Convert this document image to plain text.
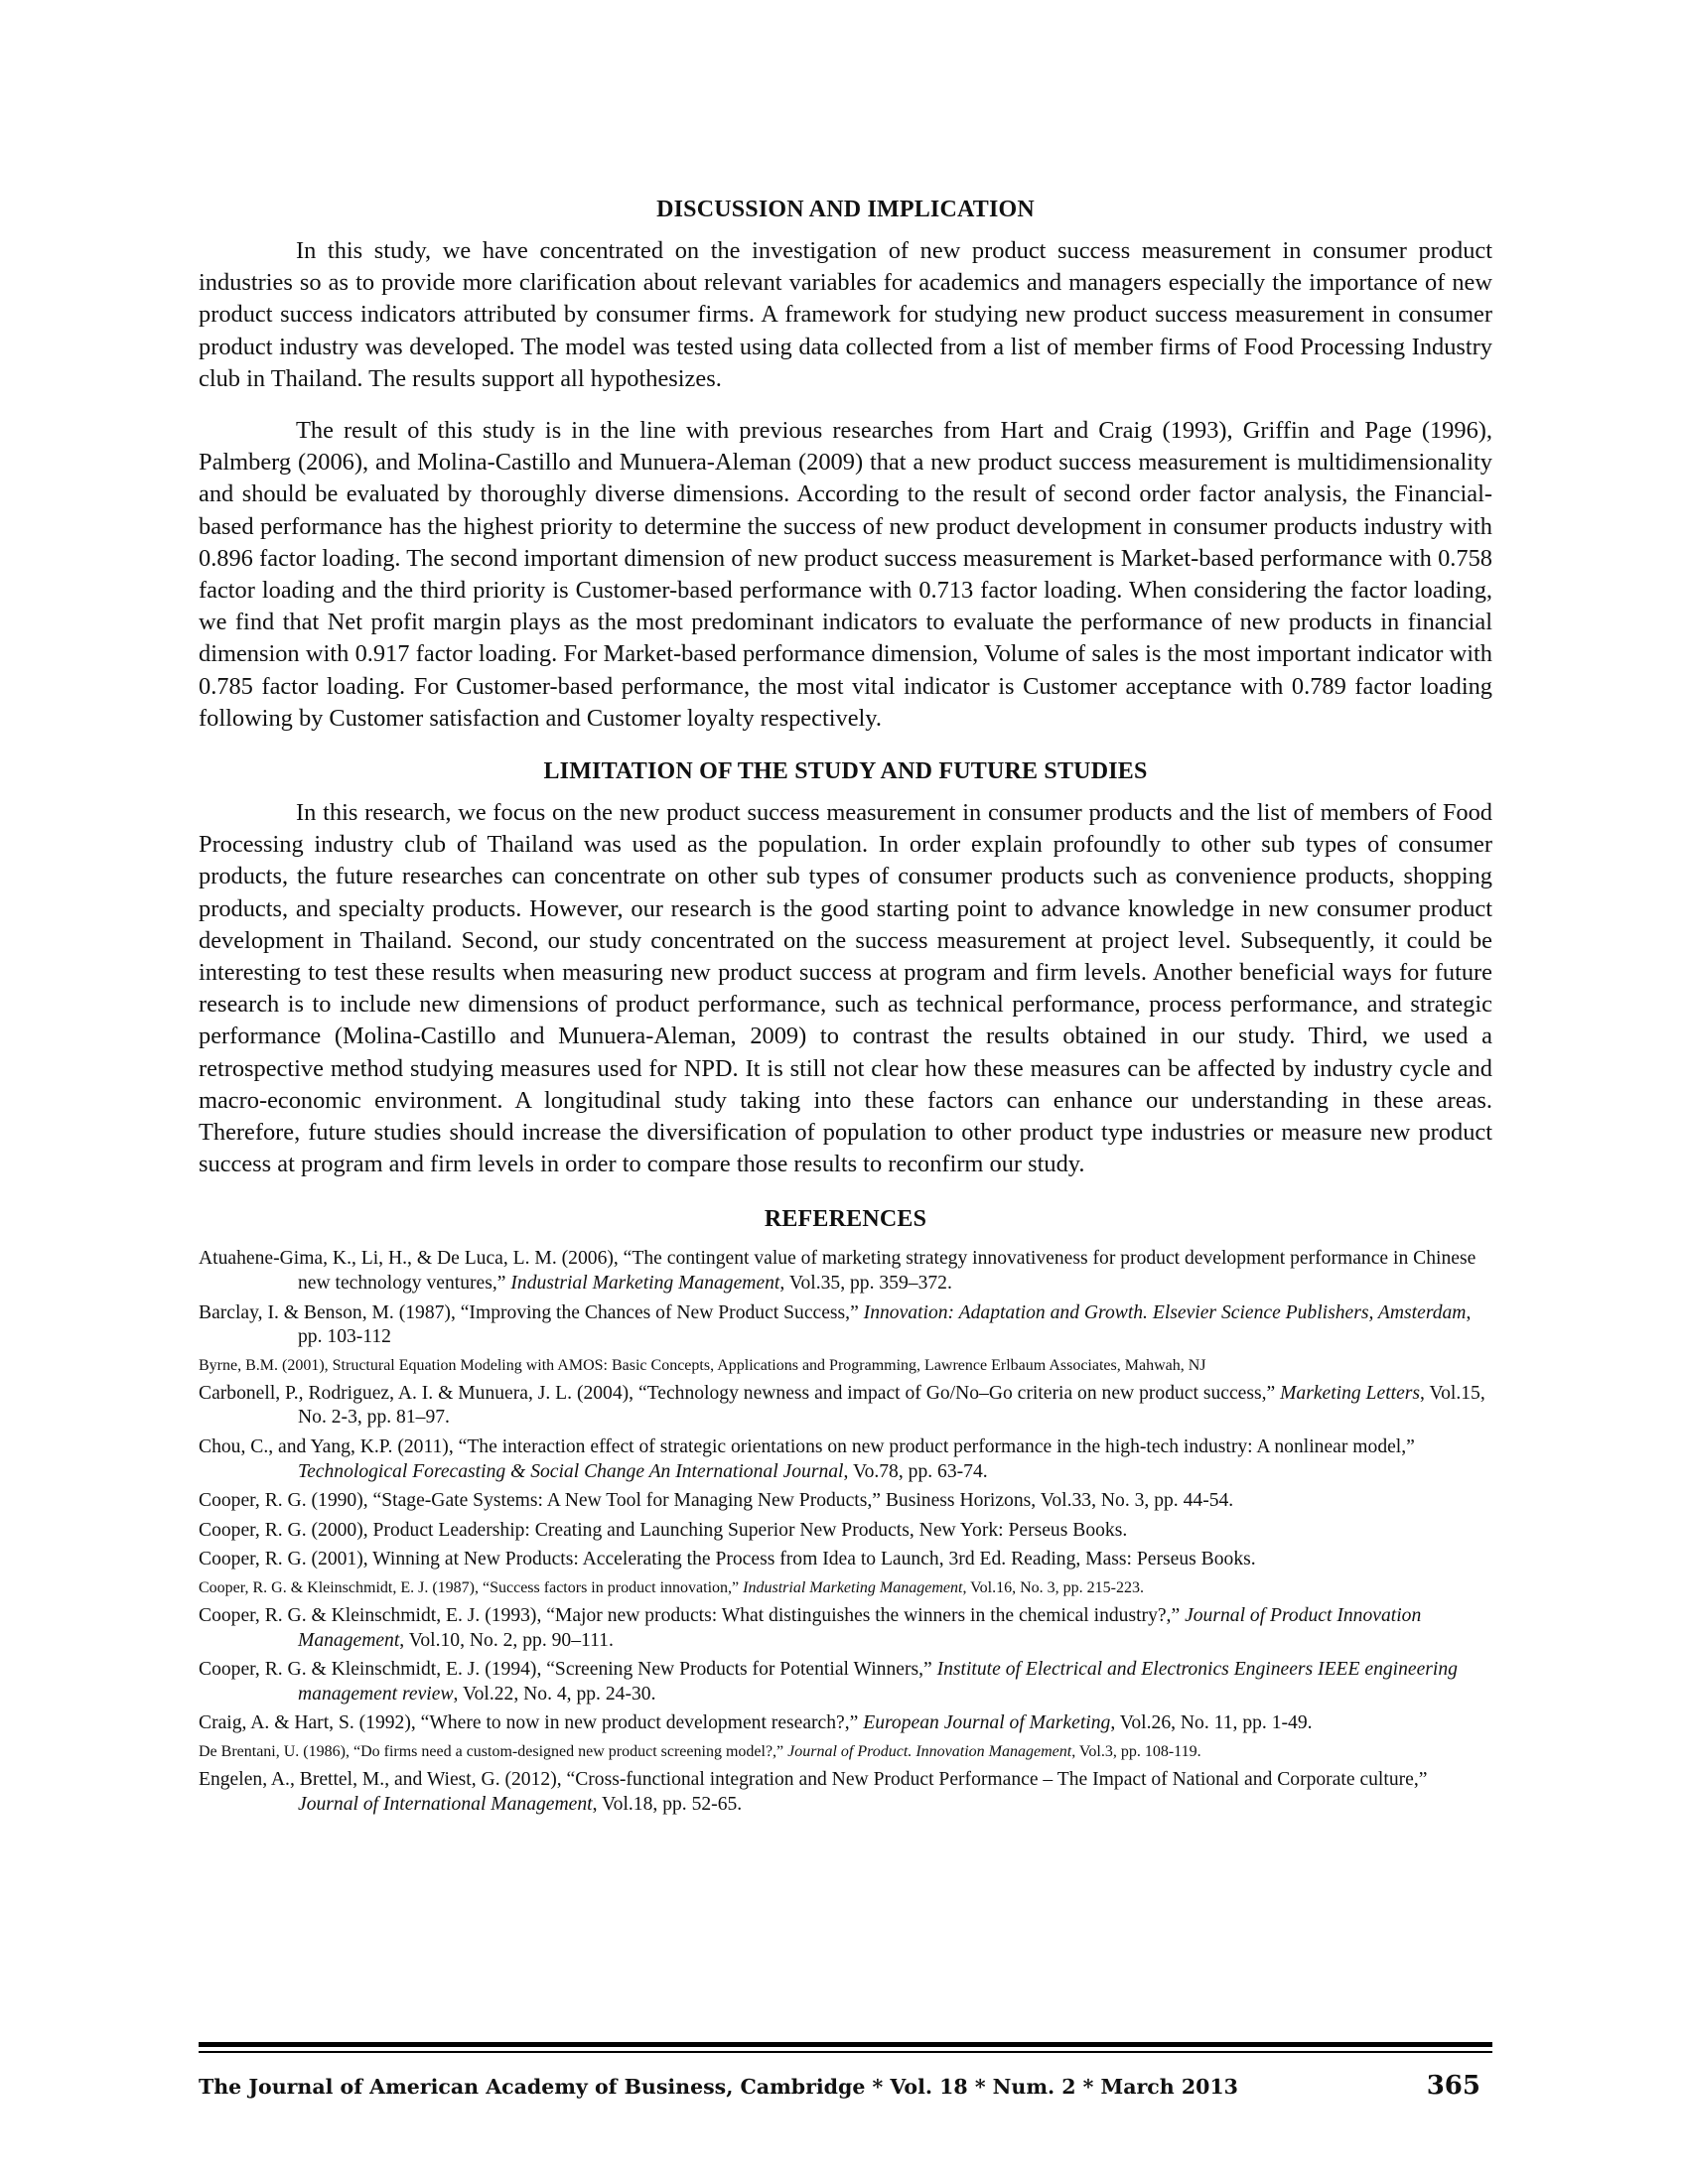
DISCUSSION AND IMPLICATION

In this study, we have concentrated on the investigation of new product success measurement in consumer product industries so as to provide more clarification about relevant variables for academics and managers especially the importance of new product success indicators attributed by consumer firms. A framework for studying new product success measurement in consumer product industry was developed. The model was tested using data collected from a list of member firms of Food Processing Industry club in Thailand. The results support all hypothesizes.

The result of this study is in the line with previous researches from Hart and Craig (1993), Griffin and Page (1996), Palmberg (2006), and Molina-Castillo and Munuera-Aleman (2009) that a new product success measurement is multidimensionality and should be evaluated by thoroughly diverse dimensions. According to the result of second order factor analysis, the Financial-based performance has the highest priority to determine the success of new product development in consumer products industry with 0.896 factor loading. The second important dimension of new product success measurement is Market-based performance with 0.758 factor loading and the third priority is Customer-based performance with 0.713 factor loading. When considering the factor loading, we find that Net profit margin plays as the most predominant indicators to evaluate the performance of new products in financial dimension with 0.917 factor loading. For Market-based performance dimension, Volume of sales is the most important indicator with 0.785 factor loading. For Customer-based performance, the most vital indicator is Customer acceptance with 0.789 factor loading following by Customer satisfaction and Customer loyalty respectively.

LIMITATION OF THE STUDY AND FUTURE STUDIES

In this research, we focus on the new product success measurement in consumer products and the list of members of Food Processing industry club of Thailand was used as the population. In order explain profoundly to other sub types of consumer products, the future researches can concentrate on other sub types of consumer products such as convenience products, shopping products, and specialty products. However, our research is the good starting point to advance knowledge in new consumer product development in Thailand. Second, our study concentrated on the success measurement at project level. Subsequently, it could be interesting to test these results when measuring new product success at program and firm levels. Another beneficial ways for future research is to include new dimensions of product performance, such as technical performance, process performance, and strategic performance (Molina-Castillo and Munuera-Aleman, 2009) to contrast the results obtained in our study. Third, we used a retrospective method studying measures used for NPD. It is still not clear how these measures can be affected by industry cycle and macro-economic environment. A longitudinal study taking into these factors can enhance our understanding in these areas. Therefore, future studies should increase the diversification of population to other product type industries or measure new product success at program and firm levels in order to compare those results to reconfirm our study.

REFERENCES
Atuahene-Gima, K., Li, H., & De Luca, L. M. (2006), “The contingent value of marketing strategy innovativeness for product development performance in Chinese new technology ventures,” Industrial Marketing Management, Vol.35, pp. 359–372.
Barclay, I. & Benson, M. (1987), “Improving the Chances of New Product Success,” Innovation: Adaptation and Growth. Elsevier Science Publishers, Amsterdam, pp. 103-112
Byrne, B.M. (2001), Structural Equation Modeling with AMOS: Basic Concepts, Applications and Programming, Lawrence Erlbaum Associates, Mahwah, NJ
Carbonell, P., Rodriguez, A. I. & Munuera, J. L. (2004), “Technology newness and impact of Go/No–Go criteria on new product success,” Marketing Letters, Vol.15, No. 2-3, pp. 81–97.
Chou, C., and Yang, K.P. (2011), “The interaction effect of strategic orientations on new product performance in the high-tech industry: A nonlinear model,” Technological Forecasting & Social Change An International Journal, Vo.78, pp. 63-74.
Cooper, R. G. (1990), “Stage-Gate Systems: A New Tool for Managing New Products,” Business Horizons, Vol.33, No. 3, pp. 44-54.
Cooper, R. G. (2000), Product Leadership: Creating and Launching Superior New Products, New York: Perseus Books.
Cooper, R. G. (2001), Winning at New Products: Accelerating the Process from Idea to Launch, 3rd Ed. Reading, Mass: Perseus Books.
Cooper, R. G. & Kleinschmidt, E. J. (1987), “Success factors in product innovation,” Industrial Marketing Management, Vol.16, No. 3, pp. 215-223.
Cooper, R. G. & Kleinschmidt, E. J. (1993), “Major new products: What distinguishes the winners in the chemical industry?,” Journal of Product Innovation Management, Vol.10, No. 2, pp. 90–111.
Cooper, R. G. & Kleinschmidt, E. J. (1994), “Screening New Products for Potential Winners,” Institute of Electrical and Electronics Engineers IEEE engineering management review, Vol.22, No. 4, pp. 24-30.
Craig, A. & Hart, S. (1992), “Where to now in new product development research?,” European Journal of Marketing, Vol.26, No. 11, pp. 1-49.
De Brentani, U. (1986), “Do firms need a custom-designed new product screening model?,” Journal of Product. Innovation Management, Vol.3, pp. 108-119.
Engelen, A., Brettel, M., and Wiest, G. (2012), “Cross-functional integration and New Product Performance – The Impact of National and Corporate culture,” Journal of International Management, Vol.18, pp. 52-65.
The Journal of American Academy of Business, Cambridge * Vol. 18 * Num. 2 * March 2013	365
